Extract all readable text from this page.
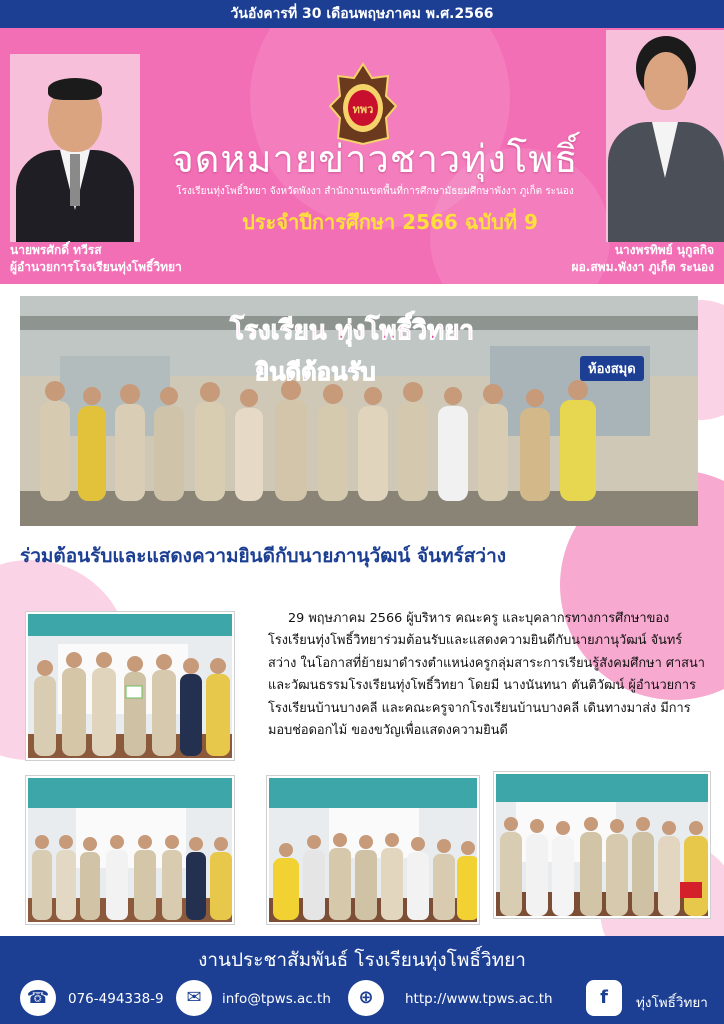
วันอังคารที่ 30 เดือนพฤษภาคม พ.ศ.2566
ทพว
จดหมายข่าวชาวทุ่งโพธิ์
โรงเรียนทุ่งโพธิ์วิทยา จังหวัดพังงา สำนักงานเขตพื้นที่การศึกษามัธยมศึกษาพังงา ภูเก็ต ระนอง
ประจำปีการศึกษา 2566 ฉบับที่ 9
นายพรศักดิ์ ทวีรส
ผู้อำนวยการโรงเรียนทุ่งโพธิ์วิทยา
นางพรทิพย์ นุกูลกิจ
ผอ.สพม.พังงา ภูเก็ต ระนอง
โรงเรียน ทุ่งโพธิ์วิทยา
ยินดีต้อนรับ	ห้องสมุด
ร่วมต้อนรับและแสดงความยินดีกับนายภานุวัฒน์ จันทร์สว่าง

29 พฤษภาคม 2566 ผู้บริหาร คณะครู และบุคลากรทางการศึกษาของโรงเรียนทุ่งโพธิ์วิทยาร่วมต้อนรับและแสดงความยินดีกับนายภานุวัฒน์ จันทร์สว่าง ในโอกาสที่ย้ายมาดำรงตำแหน่งครูกลุ่มสาระการเรียนรู้สังคมศึกษา ศาสนาและวัฒนธรรมโรงเรียนทุ่งโพธิ์วิทยา โดยมี นางนันทนา ตันติวัฒน์ ผู้อำนวยการโรงเรียนบ้านบางคลี และคณะครูจากโรงเรียนบ้านบางคลี เดินทางมาส่ง มีการมอบช่อดอกไม้ ของขวัญเพื่อแสดงความยินดี

งานประชาสัมพันธ์ โรงเรียนทุ่งโพธิ์วิทยา
☎	076-494338-9	✉	info@tpws.ac.th	⊕	http://www.tpws.ac.th	f	ทุ่งโพธิ์วิทยา
